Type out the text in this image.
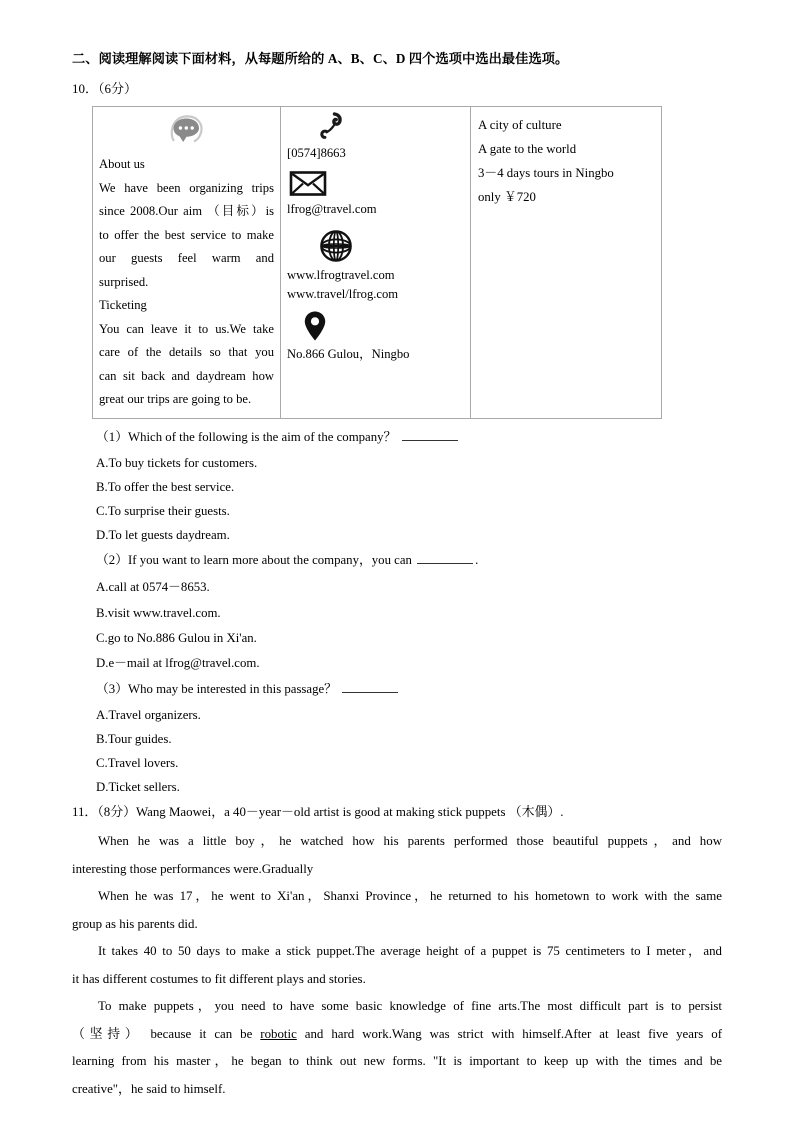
二、阅读理解阅读下面材料，从每题所给的 A、B、C、D 四个选项中选出最佳选项。
10．（6分）
About us
We have been organizing trips
since 2008.Our aim （目标）is
to offer the best service to make
our guests feel warm and
surprised.
Ticketing
You can leave it to us.We take
care of the details so that you
can sit back and daydream how
great our trips are going to be.
[0574]8663
lfrog@travel.com
www.lfrogtravel.com
www.travel/lfrog.com
No.866 Gulou，Ningbo
A city of culture
A gate to the world
3－4 days tours in Ningbo
only ￥720
（1）Which of the following is the aim of the company？
A.To buy tickets for customers.
B.To offer the best service.
C.To surprise their guests.
D.To let guests daydream.
（2）If you want to learn more about the company，you can	.
A.call at 0574－8653.
B.visit www.travel.com.
C.go to No.886 Gulou in Xi'an.
D.e－mail at lfrog@travel.com.
（3）Who may be interested in this passage？
A.Travel organizers.
B.Tour guides.
C.Travel lovers.
D.Ticket sellers.
11．（8分）Wang Maowei，a 40－year－old artist is good at making stick puppets （木偶）.
When he was a little boy，he watched how his parents performed those beautiful puppets，and how
interesting those performances were.Gradually
When he was 17，he went to Xi'an，Shanxi Province，he returned to his hometown to work with the same
group as his parents did.
It takes 40 to 50 days to make a stick puppet.The average height of a puppet is 75 centimeters to I meter，and
it has different costumes to fit different plays and stories.
To make puppets，you need to have some basic knowledge of fine arts.The most difficult part is to persist
（坚持） because it can be robotic and hard work.Wang was strict with himself.After at least five years of
learning from his master，he began to think out new forms. "It is important to keep up with the times and be
creative"，he said to himself.
